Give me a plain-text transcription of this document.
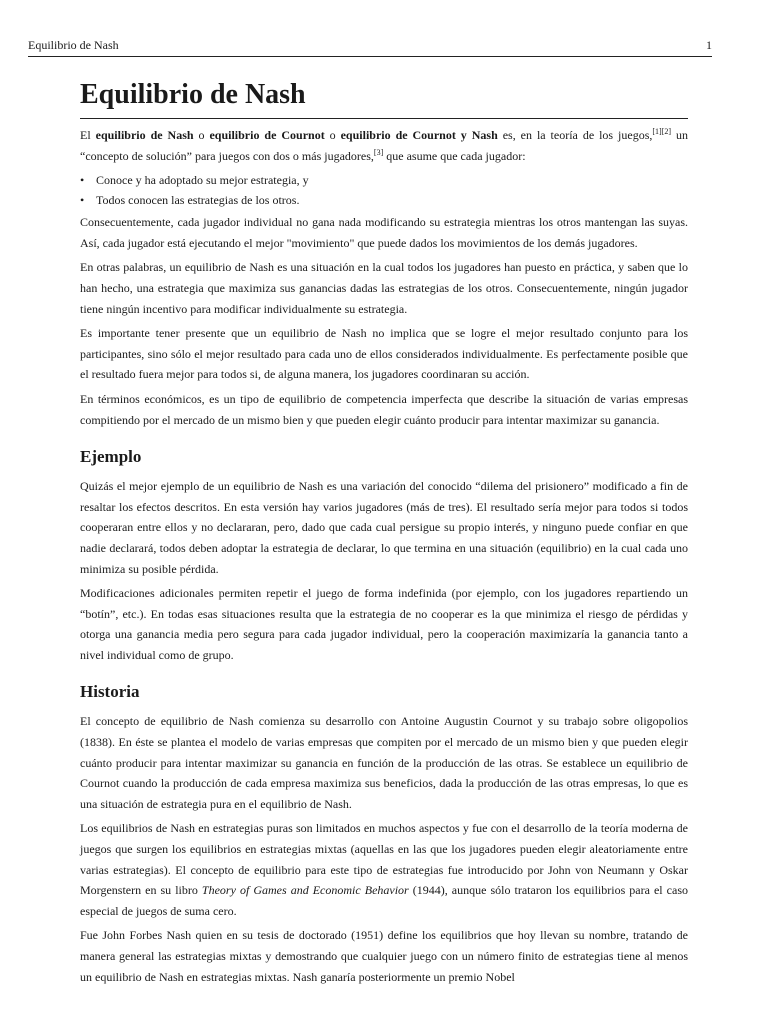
Equilibrio de Nash	1
Equilibrio de Nash

El equilibrio de Nash o equilibrio de Cournot o equilibrio de Cournot y Nash es, en la teoría de los juegos,[1][2] un “concepto de solución” para juegos con dos o más jugadores,[3] que asume que cada jugador:

• Conoce y ha adoptado su mejor estrategia, y
• Todos conocen las estrategias de los otros.

Consecuentemente, cada jugador individual no gana nada modificando su estrategia mientras los otros mantengan las suyas. Así, cada jugador está ejecutando el mejor "movimiento" que puede dados los movimientos de los demás jugadores.

En otras palabras, un equilibrio de Nash es una situación en la cual todos los jugadores han puesto en práctica, y saben que lo han hecho, una estrategia que maximiza sus ganancias dadas las estrategias de los otros. Consecuentemente, ningún jugador tiene ningún incentivo para modificar individualmente su estrategia.

Es importante tener presente que un equilibrio de Nash no implica que se logre el mejor resultado conjunto para los participantes, sino sólo el mejor resultado para cada uno de ellos considerados individualmente. Es perfectamente posible que el resultado fuera mejor para todos si, de alguna manera, los jugadores coordinaran su acción.

En términos económicos, es un tipo de equilibrio de competencia imperfecta que describe la situación de varias empresas compitiendo por el mercado de un mismo bien y que pueden elegir cuánto producir para intentar maximizar su ganancia.

Ejemplo

Quizás el mejor ejemplo de un equilibrio de Nash es una variación del conocido “dilema del prisionero” modificado a fin de resaltar los efectos descritos. En esta versión hay varios jugadores (más de tres). El resultado sería mejor para todos si todos cooperaran entre ellos y no declararan, pero, dado que cada cual persigue su propio interés, y ninguno puede confiar en que nadie declarará, todos deben adoptar la estrategia de declarar, lo que termina en una situación (equilibrio) en la cual cada uno minimiza su posible pérdida.

Modificaciones adicionales permiten repetir el juego de forma indefinida (por ejemplo, con los jugadores repartiendo un “botín”, etc.). En todas esas situaciones resulta que la estrategia de no cooperar es la que minimiza el riesgo de pérdidas y otorga una ganancia media pero segura para cada jugador individual, pero la cooperación maximizaría la ganancia tanto a nivel individual como de grupo.

Historia

El concepto de equilibrio de Nash comienza su desarrollo con Antoine Augustin Cournot y su trabajo sobre oligopolios (1838). En éste se plantea el modelo de varias empresas que compiten por el mercado de un mismo bien y que pueden elegir cuánto producir para intentar maximizar su ganancia en función de la producción de las otras. Se establece un equilibrio de Cournot cuando la producción de cada empresa maximiza sus beneficios, dada la producción de las otras empresas, lo que es una situación de estrategia pura en el equilibrio de Nash.

Los equilibrios de Nash en estrategias puras son limitados en muchos aspectos y fue con el desarrollo de la teoría moderna de juegos que surgen los equilibrios en estrategias mixtas (aquellas en las que los jugadores pueden elegir aleatoriamente entre varias estrategias). El concepto de equilibrio para este tipo de estrategias fue introducido por John von Neumann y Oskar Morgenstern en su libro Theory of Games and Economic Behavior (1944), aunque sólo trataron los equilibrios para el caso especial de juegos de suma cero.

Fue John Forbes Nash quien en su tesis de doctorado (1951) define los equilibrios que hoy llevan su nombre, tratando de manera general las estrategias mixtas y demostrando que cualquier juego con un número finito de estrategias tiene al menos un equilibrio de Nash en estrategias mixtas. Nash ganaría posteriormente un premio Nobel
